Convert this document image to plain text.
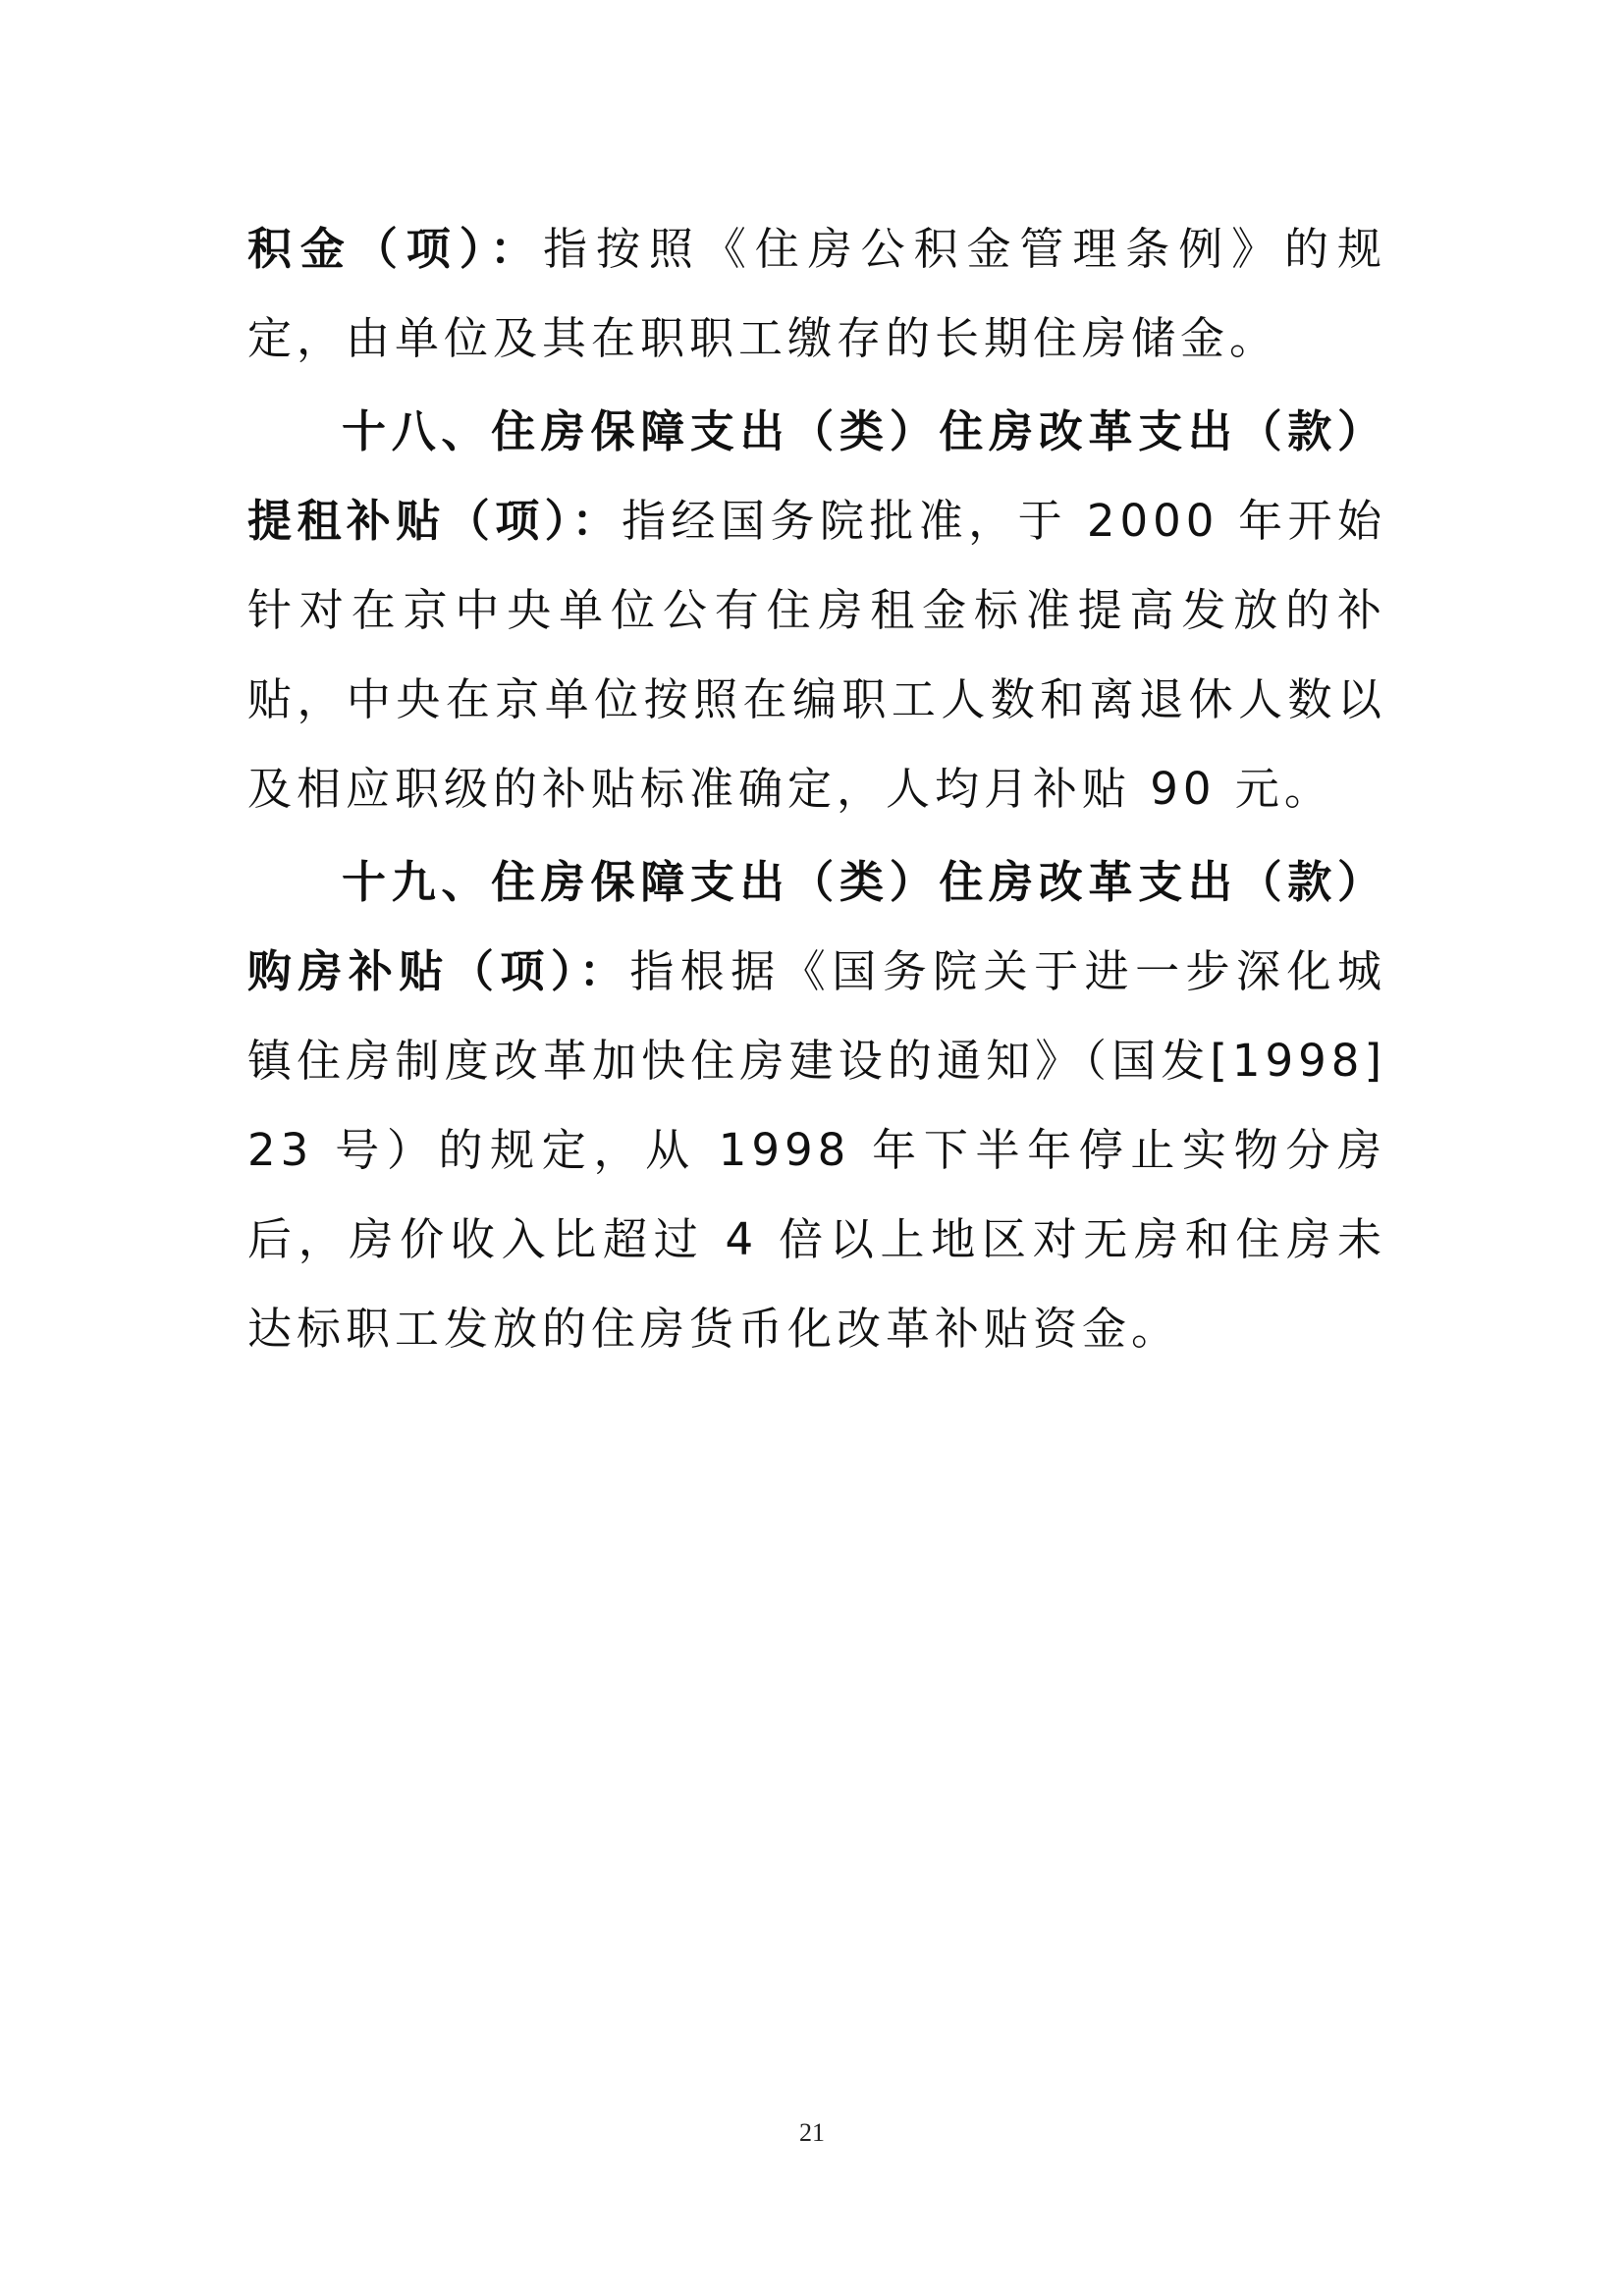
积金（项）：指按照《住房公积金管理条例》的规定，由单位及其在职职工缴存的长期住房储金。

十八、住房保障支出（类）住房改革支出（款）提租补贴（项）：指经国务院批准，于 2000 年开始针对在京中央单位公有住房租金标准提高发放的补贴，中央在京单位按照在编职工人数和离退休人数以及相应职级的补贴标准确定，人均月补贴 90 元。

十九、住房保障支出（类）住房改革支出（款）购房补贴（项）：指根据《国务院关于进一步深化城镇住房制度改革加快住房建设的通知》（国发[1998]23 号）的规定，从 1998 年下半年停止实物分房后，房价收入比超过 4 倍以上地区对无房和住房未达标职工发放的住房货币化改革补贴资金。

21
